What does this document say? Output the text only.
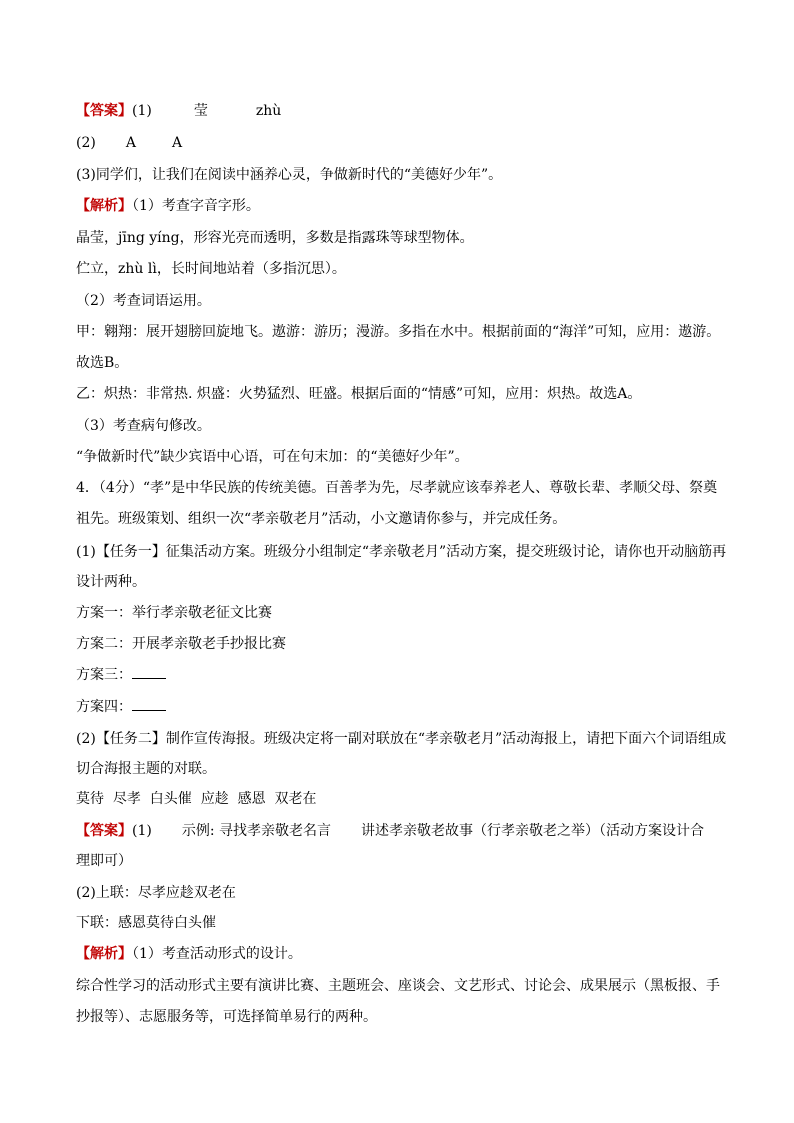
【答案】(1)	莹	zhù
(2) A	A
(3)同学们，让我们在阅读中涵养心灵，争做新时代的“美德好少年”。
【解析】（1）考查字音字形。
晶莹，jīng yíng，形容光亮而透明，多数是指露珠等球型物体。
伫立，zhù lì，长时间地站着（多指沉思）。
（2）考查词语运用。
甲：翱翔：展开翅膀回旋地飞。遨游：游历；漫游。多指在水中。根据前面的“海洋”可知，应用：遨游。
故选B。
乙：炽热：非常热. 炽盛：火势猛烈、旺盛。根据后面的“情感”可知，应用：炽热。故选A。
（3）考查病句修改。
“争做新时代”缺少宾语中心语，可在句末加：的“美德好少年”。
4．（4分）“孝”是中华民族的传统美德。百善孝为先，尽孝就应该奉养老人、尊敬长辈、孝顺父母、祭奠
祖先。班级策划、组织一次“孝亲敬老月”活动，小文邀请你参与，并完成任务。
(1)【任务一】征集活动方案。班级分小组制定“孝亲敬老月”活动方案，提交班级讨论，请你也开动脑筋再
设计两种。
方案一：举行孝亲敬老征文比赛
方案二：开展孝亲敬老手抄报比赛
方案三：
方案四：
(2)【任务二】制作宣传海报。班级决定将一副对联放在“孝亲敬老月”活动海报上，请把下面六个词语组成
切合海报主题的对联。
莫待  尽孝  白头催  应趁  感恩  双老在
【答案】(1) 示例: 寻找孝亲敬老名言 讲述孝亲敬老故事（行孝亲敬老之举）（活动方案设计合
理即可）
(2)上联：尽孝应趁双老在
下联：感恩莫待白头催
【解析】（1）考查活动形式的设计。
综合性学习的活动形式主要有演讲比赛、主题班会、座谈会、文艺形式、讨论会、成果展示（黑板报、手
抄报等）、志愿服务等，可选择简单易行的两种。
